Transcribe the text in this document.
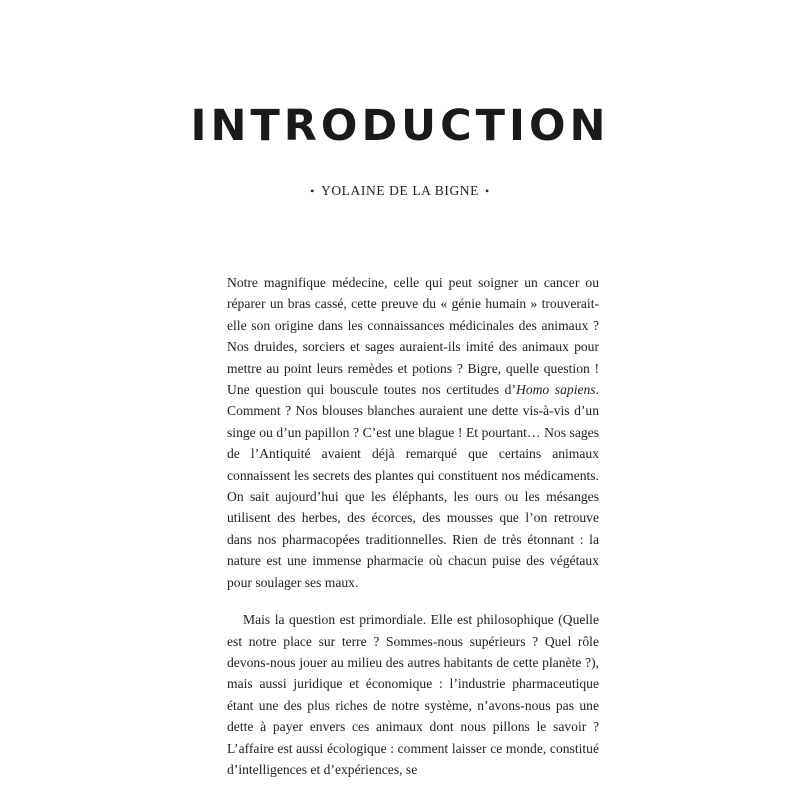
INTRODUCTION
• YOLAINE DE LA BIGNE •

Notre magnifique médecine, celle qui peut soigner un cancer ou réparer un bras cassé, cette preuve du « génie humain » trouverait-elle son origine dans les connaissances médicinales des animaux ? Nos druides, sorciers et sages auraient-ils imité des animaux pour mettre au point leurs remèdes et potions ? Bigre, quelle question ! Une question qui bouscule toutes nos certitudes d’Homo sapiens. Comment ? Nos blouses blanches auraient une dette vis-à-vis d’un singe ou d’un papillon ? C’est une blague ! Et pourtant… Nos sages de l’Antiquité avaient déjà remarqué que certains animaux connaissent les secrets des plantes qui constituent nos médicaments. On sait aujourd’hui que les éléphants, les ours ou les mésanges utilisent des herbes, des écorces, des mousses que l’on retrouve dans nos pharmacopées traditionnelles. Rien de très étonnant : la nature est une immense pharmacie où chacun puise des végétaux pour soulager ses maux.

Mais la question est primordiale. Elle est philosophique (Quelle est notre place sur terre ? Sommes-nous supérieurs ? Quel rôle devons-nous jouer au milieu des autres habitants de cette planète ?), mais aussi juridique et économique : l’industrie pharmaceutique étant une des plus riches de notre système, n’avons-nous pas une dette à payer envers ces animaux dont nous pillons le savoir ? L’affaire est aussi écologique : comment laisser ce monde, constitué d’intelligences et d’expériences, se
